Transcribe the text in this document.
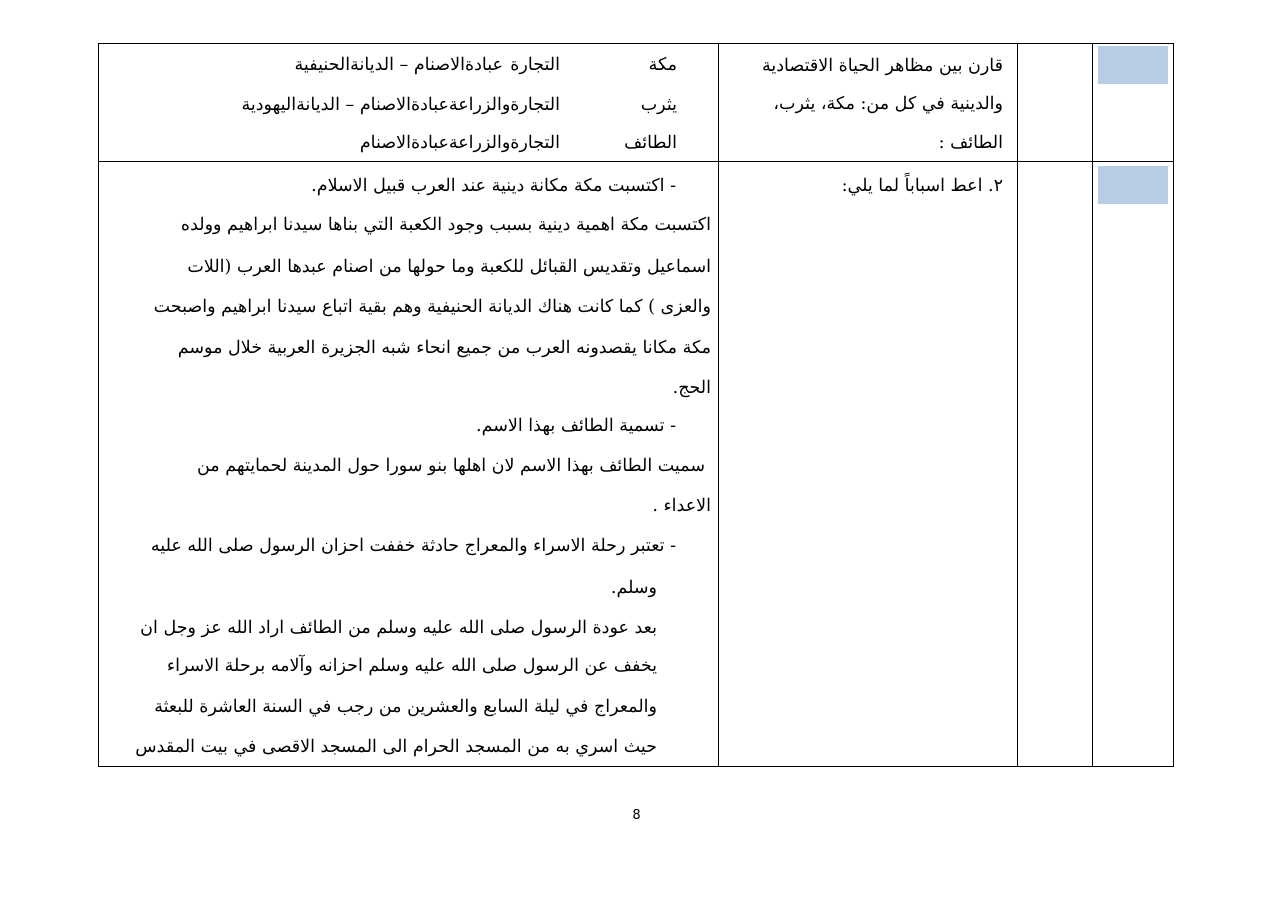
قارن بين مظاهر الحياة الاقتصادية
والدينية في كل من: مكة، يثرب،
الطائف :
مكة
التجارة
عبادةالاصنام – الديانةالحنيفية
يثرب
التجارةوالزراعة
عبادةالاصنام – الديانةاليهودية
الطائف
التجارةوالزراعة
عبادةالاصنام
٢. اعط اسباباً لما يلي:
- اكتسبت مكة مكانة دينية عند العرب قبيل الاسلام.
اكتسبت مكة اهمية دينية بسبب وجود الكعبة التي بناها سيدنا ابراهيم وولده
اسماعيل وتقديس القبائل للكعبة وما حولها من اصنام عبدها العرب (اللات
والعزى ) كما كانت هناك الديانة الحنيفية وهم بقية اتباع سيدنا ابراهيم واصبحت
مكة مكانا يقصدونه العرب من جميع انحاء شبه الجزيرة العربية خلال موسم
الحج.
- تسمية الطائف بهذا الاسم.
سميت الطائف بهذا الاسم لان اهلها بنو سورا حول المدينة لحمايتهم من
الاعداء .
- تعتبر رحلة الاسراء والمعراج حادثة خففت احزان الرسول صلى الله عليه
وسلم.
بعد عودة الرسول صلى الله عليه وسلم من الطائف اراد الله عز وجل ان
يخفف عن الرسول صلى الله عليه وسلم احزانه وآلامه برحلة الاسراء
والمعراج في ليلة السابع والعشرين من رجب في السنة العاشرة للبعثة
حيث اسري به من المسجد الحرام الى المسجد الاقصى في بيت المقدس
8
